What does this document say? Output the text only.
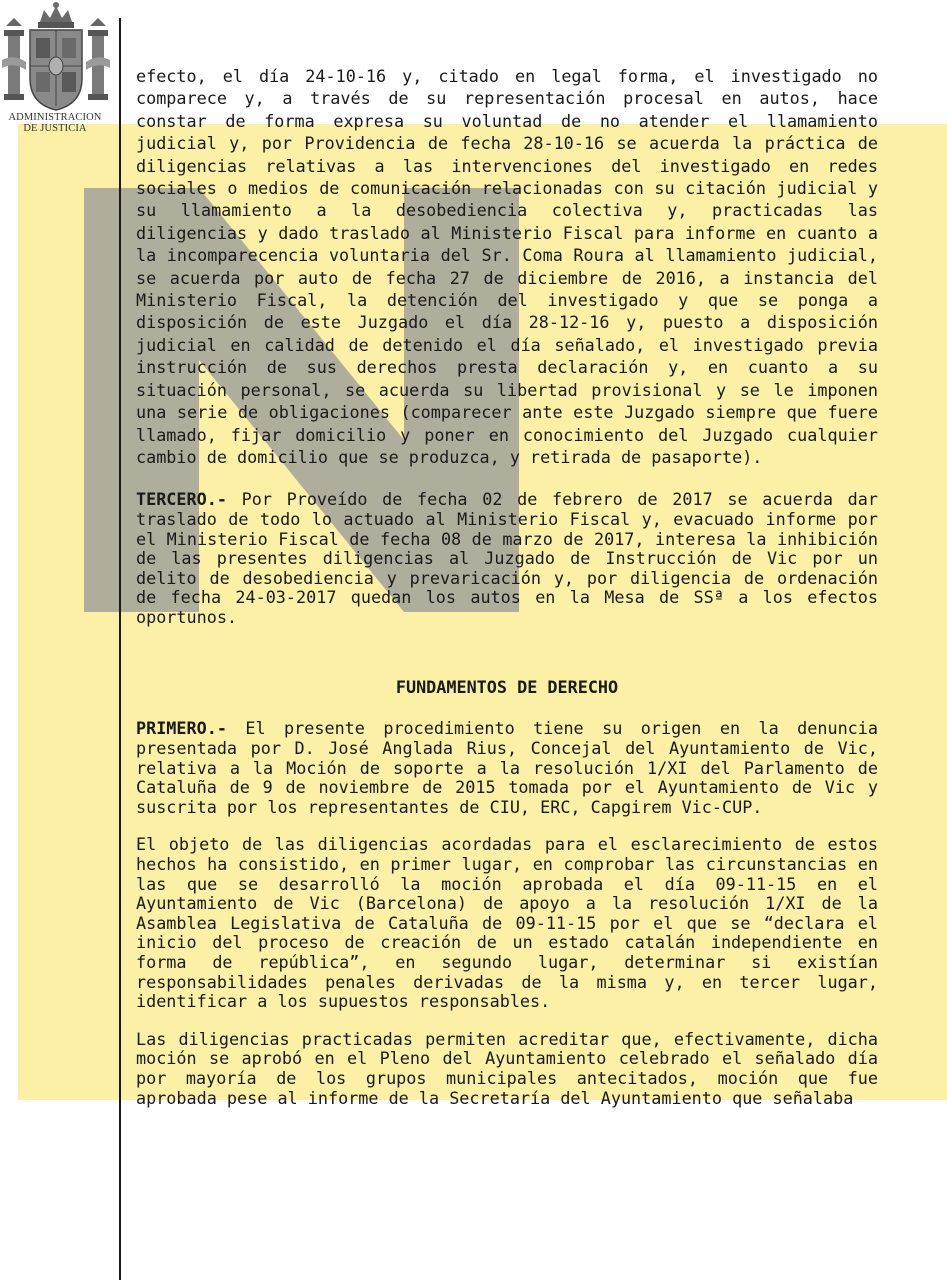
ADMINISTRACION
DE JUSTICIA

efecto, el día 24-10-16 y, citado en legal forma, el investigado no comparece y, a través de su representación procesal en autos, hace constar de forma expresa su voluntad de no atender el llamamiento judicial y, por Providencia de fecha 28-10-16 se acuerda la práctica de diligencias relativas a las intervenciones del investigado en redes sociales o medios de comunicación relacionadas con su citación judicial y su llamamiento a la desobediencia colectiva y, practicadas las diligencias y dado traslado al Ministerio Fiscal para informe en cuanto a la incomparecencia voluntaria del Sr. Coma Roura al llamamiento judicial, se acuerda por auto de fecha 27 de diciembre de 2016, a instancia del Ministerio Fiscal, la detención del investigado y que se ponga a disposición de este Juzgado el día 28-12-16 y, puesto a disposición judicial en calidad de detenido el día señalado, el investigado previa instrucción de sus derechos presta declaración y, en cuanto a su situación personal, se acuerda su libertad provisional y se le imponen una serie de obligaciones (comparecer ante este Juzgado siempre que fuere llamado, fijar domicilio y poner en conocimiento del Juzgado cualquier cambio de domicilio que se produzca, y retirada de pasaporte).

TERCERO.- Por Proveído de fecha 02 de febrero de 2017 se acuerda dar traslado de todo lo actuado al Ministerio Fiscal y, evacuado informe por el Ministerio Fiscal de fecha 08 de marzo de 2017, interesa la inhibición de las presentes diligencias al Juzgado de Instrucción de Vic por un delito de desobediencia y prevaricación y, por diligencia de ordenación de fecha 24-03-2017 quedan los autos en la Mesa de SSª a los efectos oportunos.

FUNDAMENTOS DE DERECHO

PRIMERO.- El presente procedimiento tiene su origen en la denuncia presentada por D. José Anglada Rius, Concejal del Ayuntamiento de Vic, relativa a la Moción de soporte a la resolución 1/XI del Parlamento de Cataluña de 9 de noviembre de 2015 tomada por el Ayuntamiento de Vic y suscrita por los representantes de CIU, ERC, Capgirem Vic-CUP.

El objeto de las diligencias acordadas para el esclarecimiento de estos hechos ha consistido, en primer lugar, en comprobar las circunstancias en las que se desarrolló la moción aprobada el día 09-11-15 en el Ayuntamiento de Vic (Barcelona) de apoyo a la resolución 1/XI de la Asamblea Legislativa de Cataluña de 09-11-15 por el que se “declara el inicio del proceso de creación de un estado catalán independiente en forma de república”, en segundo lugar, determinar si existían responsabilidades penales derivadas de la misma y, en tercer lugar, identificar a los supuestos responsables.

Las diligencias practicadas permiten acreditar que, efectivamente, dicha moción se aprobó en el Pleno del Ayuntamiento celebrado el señalado día por mayoría de los grupos municipales antecitados, moción que fue aprobada pese al informe de la Secretaría del Ayuntamiento que señalaba
